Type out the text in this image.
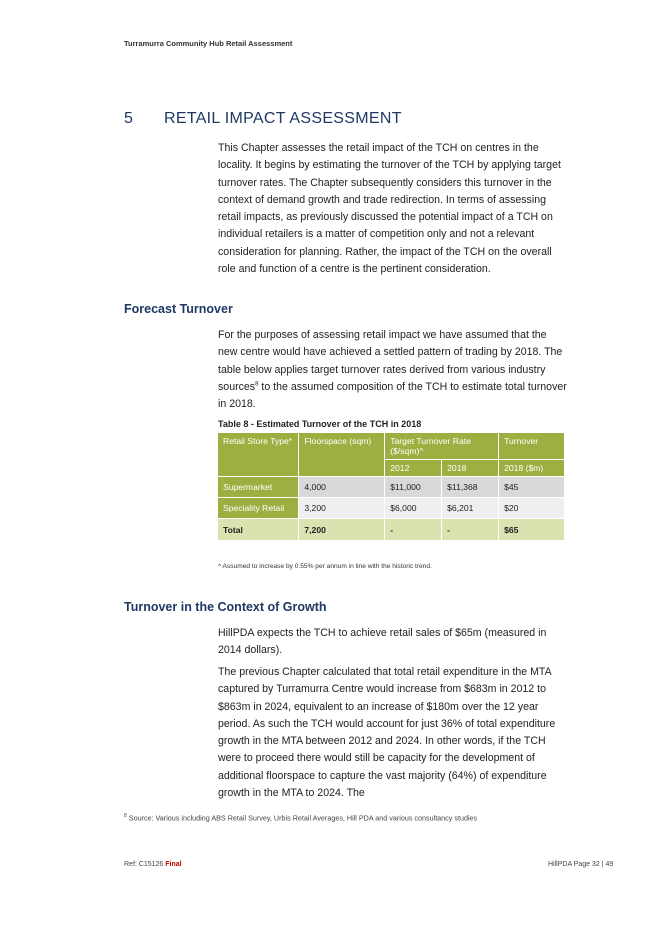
Turramurra Community Hub Retail Assessment
5 RETAIL IMPACT ASSESSMENT

This Chapter assesses the retail impact of the TCH on centres in the locality. It begins by estimating the turnover of the TCH by applying target turnover rates. The Chapter subsequently considers this turnover in the context of demand growth and trade redirection. In terms of assessing retail impacts, as previously discussed the potential impact of a TCH on individual retailers is a matter of competition only and not a relevant consideration for planning. Rather, the impact of the TCH on the overall role and function of a centre is the pertinent consideration.

Forecast Turnover

For the purposes of assessing retail impact we have assumed that the new centre would have achieved a settled pattern of trading by 2018. The table below applies target turnover rates derived from various industry sources$^8$ to the assumed composition of the TCH to estimate total turnover in 2018.

Table 8 - Estimated Turnover of the TCH in 2018
Retail Store Type*	Floorspace (sqm)	Target Turnover Rate ($/sqm)^		Turnover
		2012	2018	2018 ($m)
Supermarket	4,000	$11,000	$11,368	$45
Speciality Retail	3,200	$6,000	$6,201	$20
Total	7,200	-	-	$65
^ Assumed to increase by 0.55% per annum in line with the historic trend.
Turnover in the Context of Growth

HillPDA expects the TCH to achieve retail sales of $65m (measured in 2014 dollars).

The previous Chapter calculated that total retail expenditure in the MTA captured by Turramurra Centre would increase from $683m in 2012 to $863m in 2024, equivalent to an increase of $180m over the 12 year period. As such the TCH would account for just 36% of total expenditure growth in the MTA between 2012 and 2024. In other words, if the TCH were to proceed there would still be capacity for the development of additional floorspace to capture the vast majority (64%) of expenditure growth in the MTA to 2024. The

$^8$ Source: Various including ABS Retail Survey, Urbis Retail Averages, Hill PDA and various consultancy studies
Ref: C15126 Final	HillPDA Page 32 | 49
